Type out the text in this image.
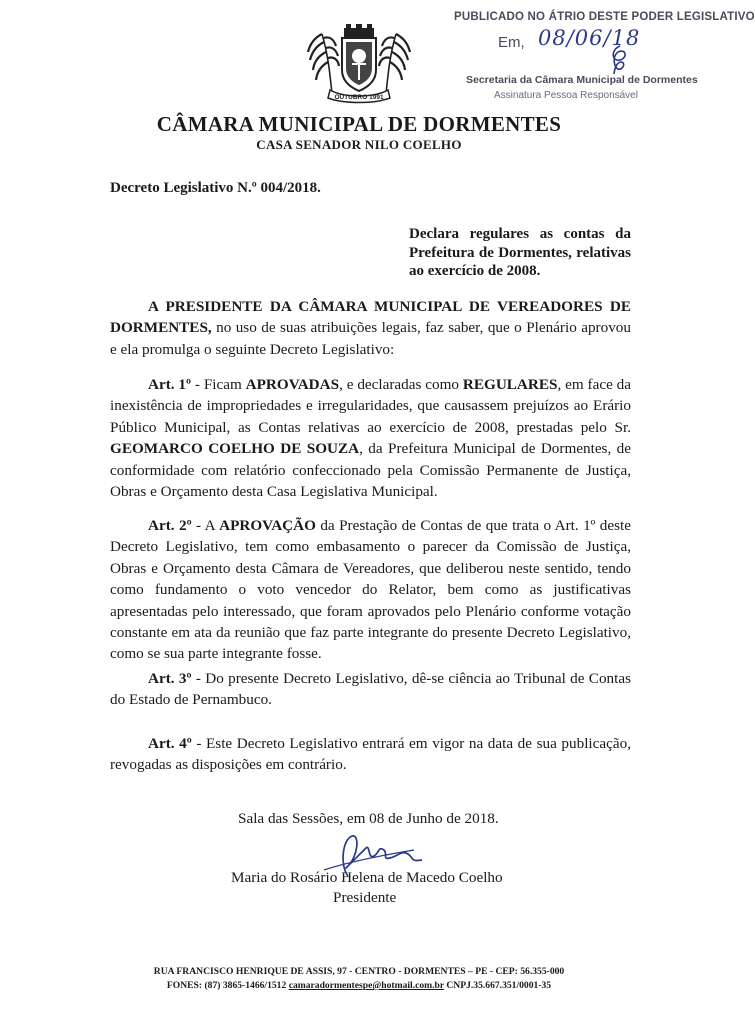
PUBLICADO NO ÁTRIO DESTE PODER LEGISLATIVO
Em, 08/06/18
Secretaria da Câmara Municipal de Dormentes
Assinatura Pessoa Responsável
OUTUBRO 1991
CÂMARA MUNICIPAL DE DORMENTES
CASA SENADOR NILO COELHO
Decreto Legislativo N.º 004/2018.
Declara regulares as contas da Prefeitura de Dormentes, relativas ao exercício de 2008.
A PRESIDENTE DA CÂMARA MUNICIPAL DE VEREADORES DE DORMENTES, no uso de suas atribuições legais, faz saber, que o Plenário aprovou e ela promulga o seguinte Decreto Legislativo:
Art. 1º - Ficam APROVADAS, e declaradas como REGULARES, em face da inexistência de impropriedades e irregularidades, que causassem prejuízos ao Erário Público Municipal, as Contas relativas ao exercício de 2008, prestadas pelo Sr. GEOMARCO COELHO DE SOUZA, da Prefeitura Municipal de Dormentes, de conformidade com relatório confeccionado pela Comissão Permanente de Justiça, Obras e Orçamento desta Casa Legislativa Municipal.
Art. 2º - A APROVAÇÃO da Prestação de Contas de que trata o Art. 1º deste Decreto Legislativo, tem como embasamento o parecer da Comissão de Justiça, Obras e Orçamento desta Câmara de Vereadores, que deliberou neste sentido, tendo como fundamento o voto vencedor do Relator, bem como as justificativas apresentadas pelo interessado, que foram aprovados pelo Plenário conforme votação constante em ata da reunião que faz parte integrante do presente Decreto Legislativo, como se sua parte integrante fosse.
Art. 3º - Do presente Decreto Legislativo, dê-se ciência ao Tribunal de Contas do Estado de Pernambuco.
Art. 4º - Este Decreto Legislativo entrará em vigor na data de sua publicação, revogadas as disposições em contrário.
Sala das Sessões, em 08 de Junho de 2018.
Maria do Rosário Helena de Macedo Coelho
Presidente
RUA FRANCISCO HENRIQUE DE ASSIS, 97 - CENTRO - DORMENTES – PE - CEP: 56.355-000
FONES: (87) 3865-1466/1512 camaradormentespe@hotmail.com.br CNPJ.35.667.351/0001-35
